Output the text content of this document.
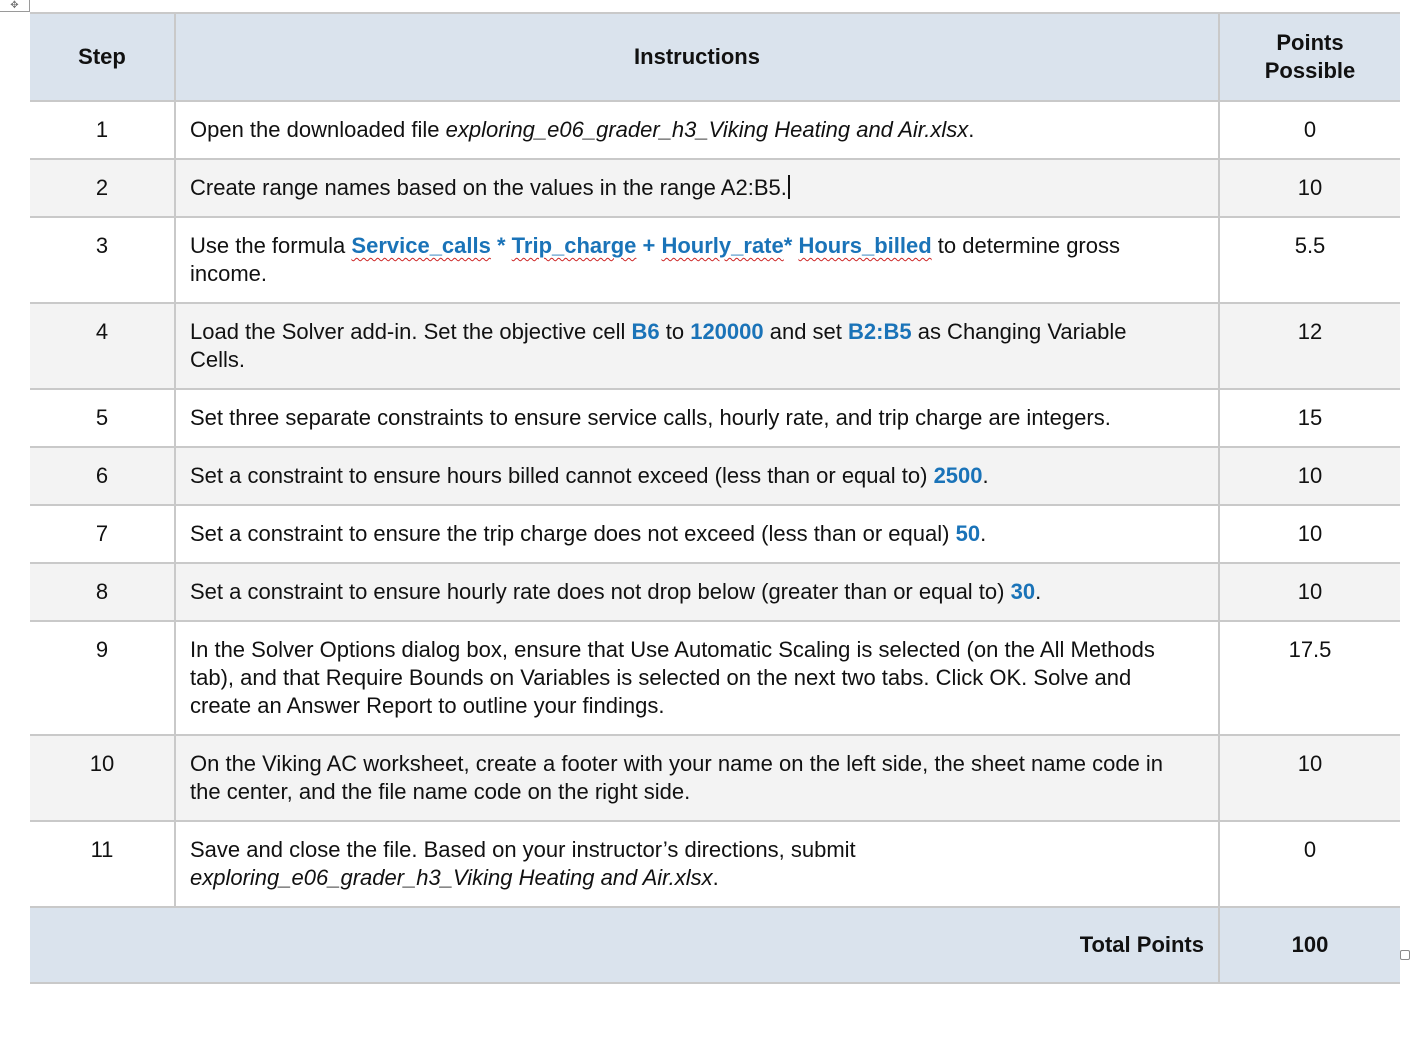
✥
Step	Instructions	Points Possible
1	Open the downloaded file exploring_e06_grader_h3_Viking Heating and Air.xlsx.	0
2	Create range names based on the values in the range A2:B5.	10
3	Use the formula Service_calls * Trip_charge + Hourly_rate* Hours_billed to determine gross income.	5.5
4	Load the Solver add-in. Set the objective cell B6 to 120000 and set B2:B5 as Changing Variable Cells.	12
5	Set three separate constraints to ensure service calls, hourly rate, and trip charge are integers.	15
6	Set a constraint to ensure hours billed cannot exceed (less than or equal to) 2500.	10
7	Set a constraint to ensure the trip charge does not exceed (less than or equal) 50.	10
8	Set a constraint to ensure hourly rate does not drop below (greater than or equal to) 30.	10
9	In the Solver Options dialog box, ensure that Use Automatic Scaling is selected (on the All Methods tab), and that Require Bounds on Variables is selected on the next two tabs. Click OK. Solve and create an Answer Report to outline your findings.	17.5
10	On the Viking AC worksheet, create a footer with your name on the left side, the sheet name code in the center, and the file name code on the right side.	10
11	Save and close the file. Based on your instructor’s directions, submit exploring_e06_grader_h3_Viking Heating and Air.xlsx.	0
Total Points		100
